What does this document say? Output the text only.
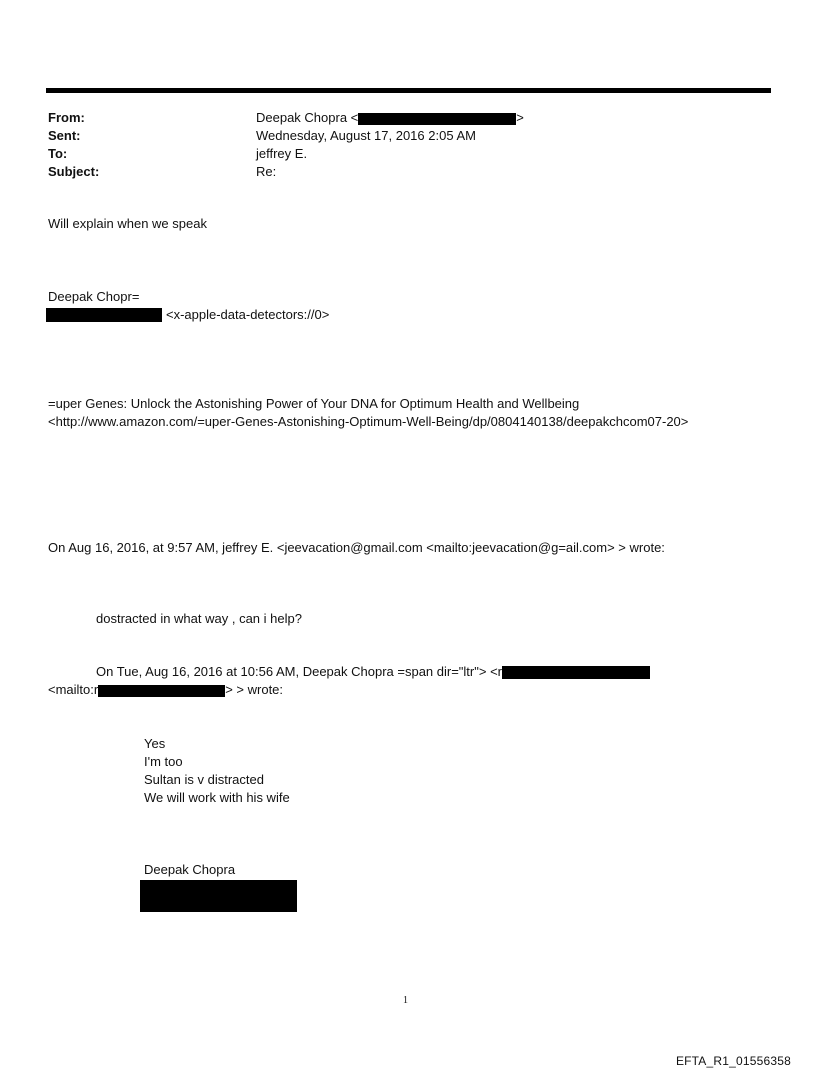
From:	Deepak Chopra <	>
Sent:	Wednesday, August 17, 2016 2:05 AM
To:	jeffrey E.
Subject:	Re:
Will explain when we speak
Deepak Chopr=
<x-apple-data-detectors://0>
=uper Genes: Unlock the Astonishing Power of Your DNA for Optimum Health and Wellbeing
<http://www.amazon.com/=uper-Genes-Astonishing-Optimum-Well-Being/dp/0804140138/deepakchcom07-20>
On Aug 16, 2016, at 9:57 AM, jeffrey E. <jeevacation@gmail.com <mailto:jeevacation@g=ail.com> > wrote:
dostracted in what way , can i help?
On Tue, Aug 16, 2016 at 10:56 AM, Deepak Chopra =span dir="ltr"> <r
<mailto:r	> > wrote:
Yes
I'm too
Sultan is v distracted
We will work with his wife
Deepak Chopra
1
EFTA_R1_01556358
